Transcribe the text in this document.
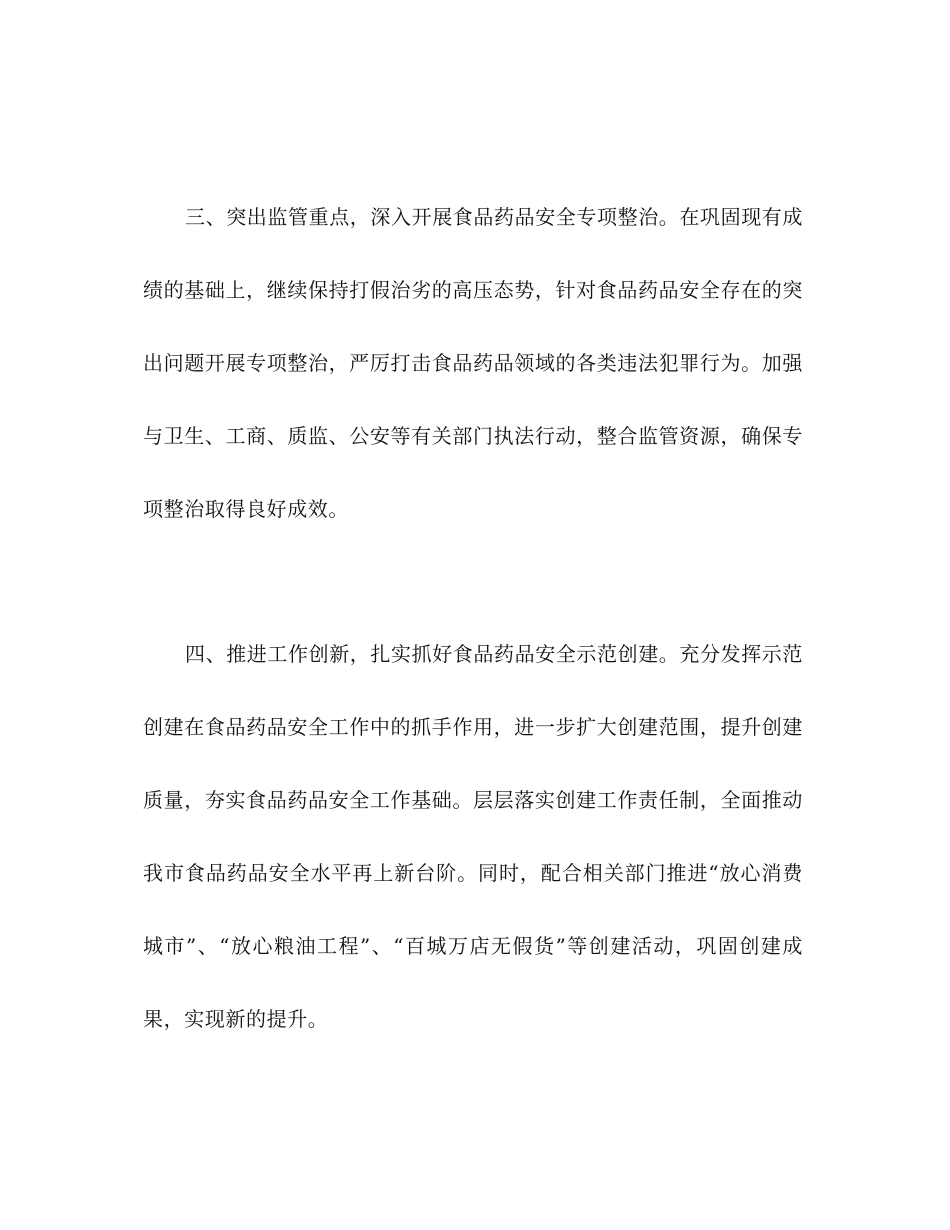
三、突出监管重点，深入开展食品药品安全专项整治。在巩固现有成绩的基础上，继续保持打假治劣的高压态势，针对食品药品安全存在的突出问题开展专项整治，严厉打击食品药品领域的各类违法犯罪行为。加强与卫生、工商、质监、公安等有关部门执法行动，整合监管资源，确保专项整治取得良好成效。

四、推进工作创新，扎实抓好食品药品安全示范创建。充分发挥示范创建在食品药品安全工作中的抓手作用，进一步扩大创建范围，提升创建质量，夯实食品药品安全工作基础。层层落实创建工作责任制，全面推动我市食品药品安全水平再上新台阶。同时，配合相关部门推进“放心消费城市”、“放心粮油工程”、“百城万店无假货”等创建活动，巩固创建成果，实现新的提升。
